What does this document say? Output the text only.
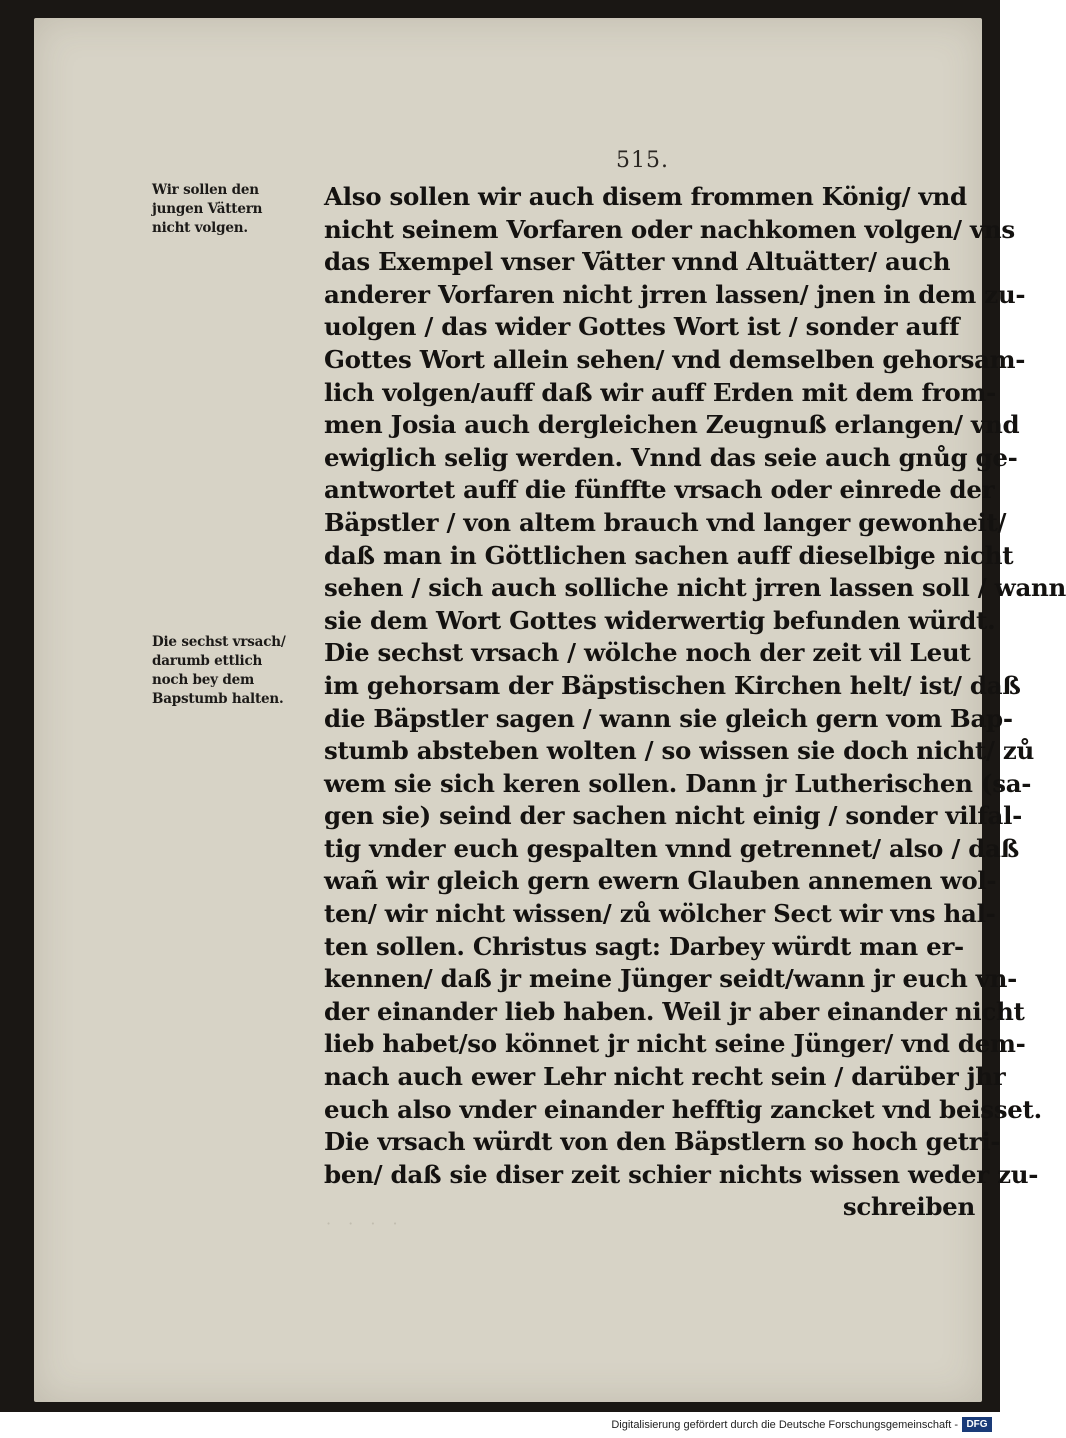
515.
Wir sollen den
jungen Vättern
nicht volgen.
Die sechst vrsach/
darumb ettlich
noch bey dem
Bapstumb halten.
Also sollen wir auch disem frommen König/ vnd
nicht seinem Vorfaren oder nachkomen volgen/ vns
das Exempel vnser Vätter vnnd Altuätter/ auch
anderer Vorfaren nicht jrren lassen/ jnen in dem zu-
uolgen / das wider Gottes Wort ist / sonder auff
Gottes Wort allein sehen/ vnd demselben gehorsam-
lich volgen/auff daß wir auff Erden mit dem from-
men Josia auch dergleichen Zeugnuß erlangen/ vnd
ewiglich selig werden. Vnnd das seie auch gnůg ge-
antwortet auff die fünffte vrsach oder einrede der
Bäpstler / von altem brauch vnd langer gewonheit/
daß man in Göttlichen sachen auff dieselbige nicht
sehen / sich auch solliche nicht jrren lassen soll / wann
sie dem Wort Gottes widerwertig befunden würdt.
Die sechst vrsach / wölche noch der zeit vil Leut
im gehorsam der Bäpstischen Kirchen helt/ ist/ daß
die Bäpstler sagen / wann sie gleich gern vom Bap-
stumb absteben wolten / so wissen sie doch nicht/ zů
wem sie sich keren sollen. Dann jr Lutherischen (sa-
gen sie) seind der sachen nicht einig / sonder vilfal-
tig vnder euch gespalten vnnd getrennet/ also / daß
wañ wir gleich gern ewern Glauben annemen wol-
ten/ wir nicht wissen/ zů wölcher Sect wir vns hal-
ten sollen. Christus sagt: Darbey würdt man er-
kennen/ daß jr meine Jünger seidt/wann jr euch vn-
der einander lieb haben. Weil jr aber einander nicht
lieb habet/so könnet jr nicht seine Jünger/ vnd dem-
nach auch ewer Lehr nicht recht sein / darüber jhr
euch also vnder einander hefftig zancket vnd beisset.
Die vrsach würdt von den Bäpstlern so hoch getri-
ben/ daß sie diser zeit schier nichts wissen weder zu-
schreiben
· · · ·
Digitalisierung gefördert durch die Deutsche Forschungsgemeinschaft - DFG
